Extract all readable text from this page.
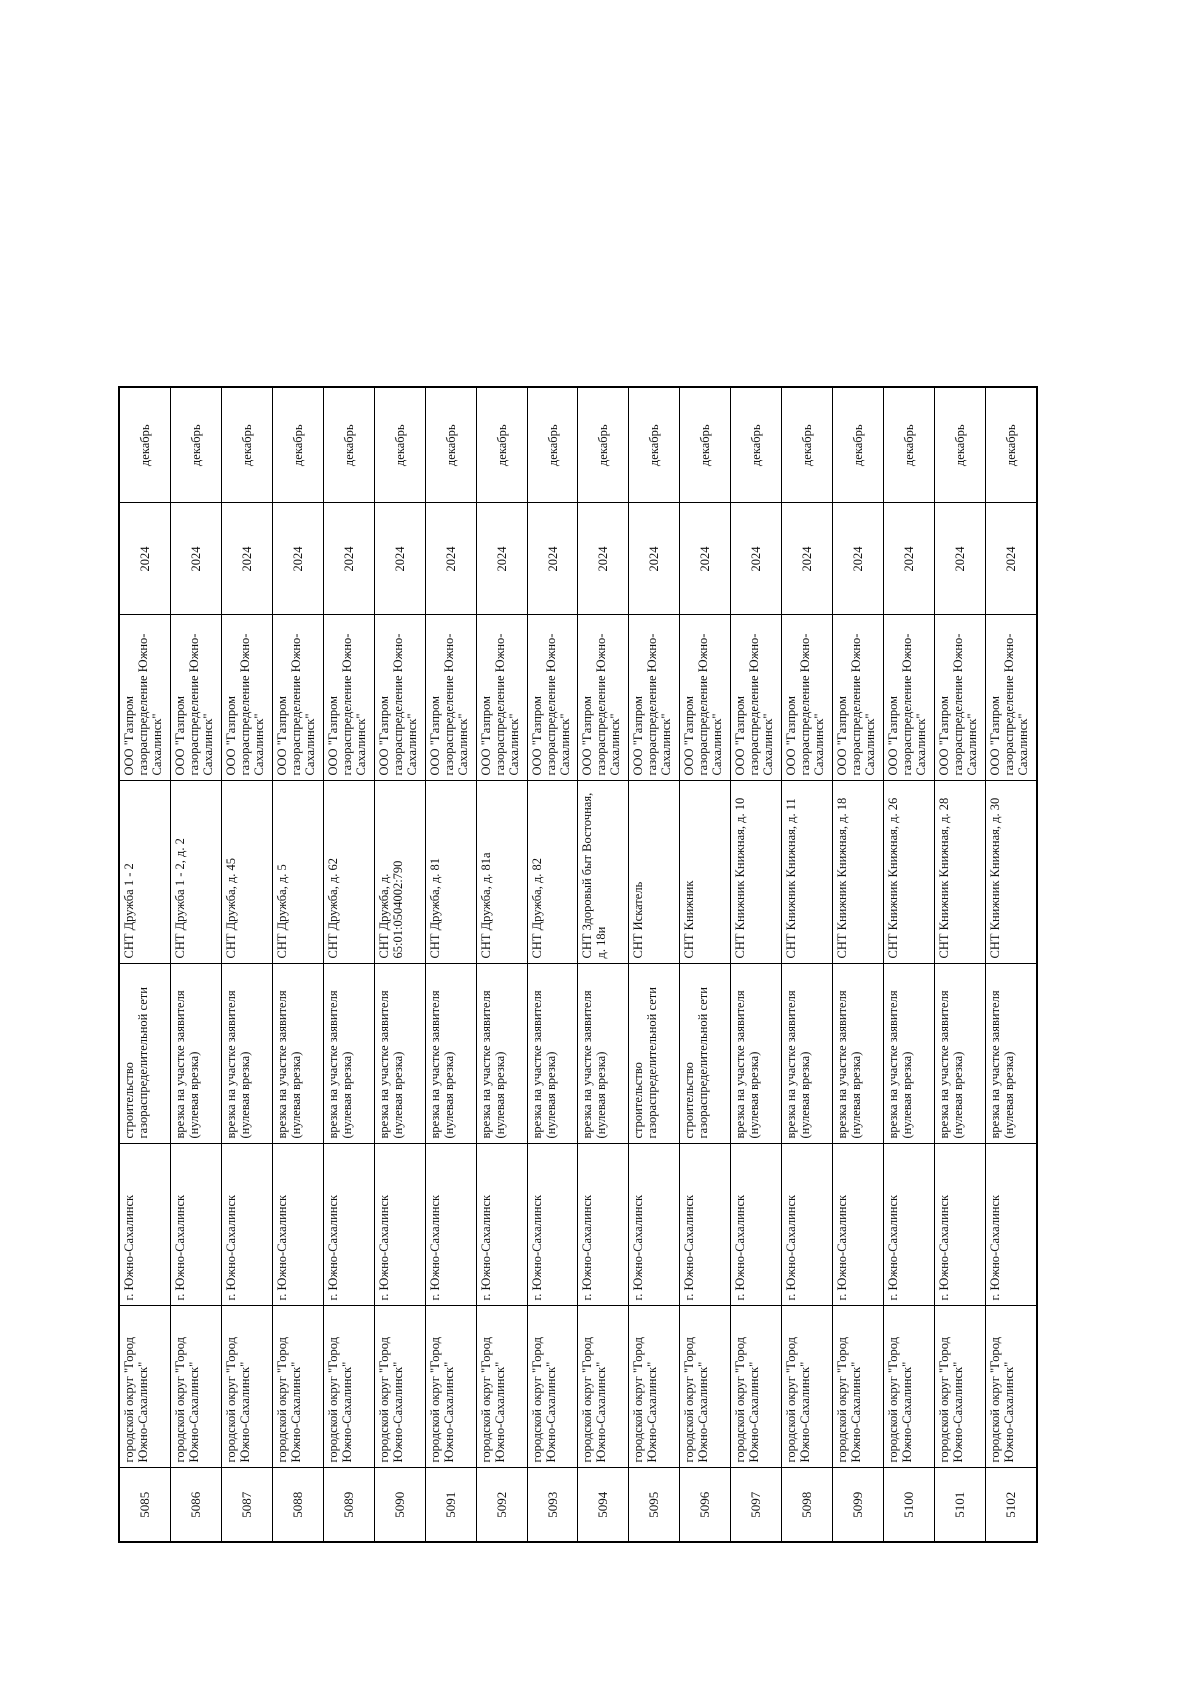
5085	городской округ "Город Южно-Сахалинск"	г. Южно-Сахалинск	строительство газораспределительной сети	СНТ Дружба 1 - 2	ООО "Газпром газораспределение Южно-Сахалинск"	2024	декабрь
5086	городской округ "Город Южно-Сахалинск"	г. Южно-Сахалинск	врезка на участке заявителя (нулевая врезка)	СНТ Дружба 1 - 2, д. 2	ООО "Газпром газораспределение Южно-Сахалинск"	2024	декабрь
5087	городской округ "Город Южно-Сахалинск"	г. Южно-Сахалинск	врезка на участке заявителя (нулевая врезка)	СНТ Дружба, д. 45	ООО "Газпром газораспределение Южно-Сахалинск"	2024	декабрь
5088	городской округ "Город Южно-Сахалинск"	г. Южно-Сахалинск	врезка на участке заявителя (нулевая врезка)	СНТ Дружба, д. 5	ООО "Газпром газораспределение Южно-Сахалинск"	2024	декабрь
5089	городской округ "Город Южно-Сахалинск"	г. Южно-Сахалинск	врезка на участке заявителя (нулевая врезка)	СНТ Дружба, д. 62	ООО "Газпром газораспределение Южно-Сахалинск"	2024	декабрь
5090	городской округ "Город Южно-Сахалинск"	г. Южно-Сахалинск	врезка на участке заявителя (нулевая врезка)	СНТ Дружба, д. 65:01:0504002:790	ООО "Газпром газораспределение Южно-Сахалинск"	2024	декабрь
5091	городской округ "Город Южно-Сахалинск"	г. Южно-Сахалинск	врезка на участке заявителя (нулевая врезка)	СНТ Дружба, д. 81	ООО "Газпром газораспределение Южно-Сахалинск"	2024	декабрь
5092	городской округ "Город Южно-Сахалинск"	г. Южно-Сахалинск	врезка на участке заявителя (нулевая врезка)	СНТ Дружба, д. 81а	ООО "Газпром газораспределение Южно-Сахалинск"	2024	декабрь
5093	городской округ "Город Южно-Сахалинск"	г. Южно-Сахалинск	врезка на участке заявителя (нулевая врезка)	СНТ Дружба, д. 82	ООО "Газпром газораспределение Южно-Сахалинск"	2024	декабрь
5094	городской округ "Город Южно-Сахалинск"	г. Южно-Сахалинск	врезка на участке заявителя (нулевая врезка)	СНТ Здоровый быт Восточная, д. 18и	ООО "Газпром газораспределение Южно-Сахалинск"	2024	декабрь
5095	городской округ "Город Южно-Сахалинск"	г. Южно-Сахалинск	строительство газораспределительной сети	СНТ Искатель	ООО "Газпром газораспределение Южно-Сахалинск"	2024	декабрь
5096	городской округ "Город Южно-Сахалинск"	г. Южно-Сахалинск	строительство газораспределительной сети	СНТ Книжник	ООО "Газпром газораспределение Южно-Сахалинск"	2024	декабрь
5097	городской округ "Город Южно-Сахалинск"	г. Южно-Сахалинск	врезка на участке заявителя (нулевая врезка)	СНТ Книжник Книжная, д. 10	ООО "Газпром газораспределение Южно-Сахалинск"	2024	декабрь
5098	городской округ "Город Южно-Сахалинск"	г. Южно-Сахалинск	врезка на участке заявителя (нулевая врезка)	СНТ Книжник Книжная, д. 11	ООО "Газпром газораспределение Южно-Сахалинск"	2024	декабрь
5099	городской округ "Город Южно-Сахалинск"	г. Южно-Сахалинск	врезка на участке заявителя (нулевая врезка)	СНТ Книжник Книжная, д. 18	ООО "Газпром газораспределение Южно-Сахалинск"	2024	декабрь
5100	городской округ "Город Южно-Сахалинск"	г. Южно-Сахалинск	врезка на участке заявителя (нулевая врезка)	СНТ Книжник Книжная, д. 26	ООО "Газпром газораспределение Южно-Сахалинск"	2024	декабрь
5101	городской округ "Город Южно-Сахалинск"	г. Южно-Сахалинск	врезка на участке заявителя (нулевая врезка)	СНТ Книжник Книжная, д. 28	ООО "Газпром газораспределение Южно-Сахалинск"	2024	декабрь
5102	городской округ "Город Южно-Сахалинск"	г. Южно-Сахалинск	врезка на участке заявителя (нулевая врезка)	СНТ Книжник Книжная, д. 30	ООО "Газпром газораспределение Южно-Сахалинск"	2024	декабрь
